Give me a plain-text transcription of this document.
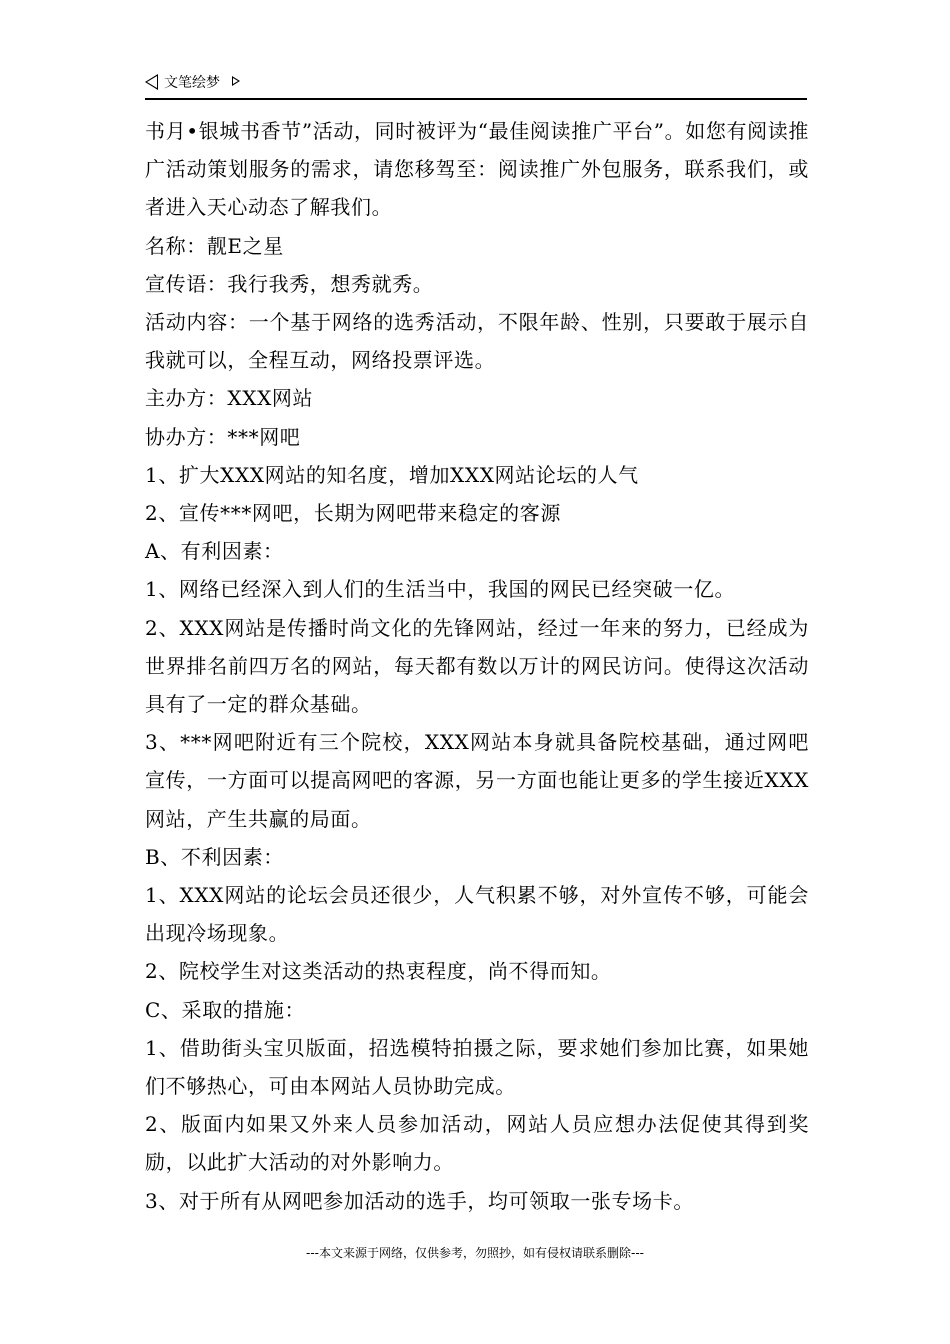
文笔绘梦

书月•银城书香节”活动，同时被评为“最佳阅读推广平台”。如您有阅读推广活动策划服务的需求，请您移驾至：阅读推广外包服务，联系我们，或者进入天心动态了解我们。

名称：靓E之星

宣传语：我行我秀，想秀就秀。

活动内容：一个基于网络的选秀活动，不限年龄、性别，只要敢于展示自我就可以，全程互动，网络投票评选。

主办方：XXX网站

协办方：***网吧

1、扩大XXX网站的知名度，增加XXX网站论坛的人气

2、宣传***网吧，长期为网吧带来稳定的客源

A、有利因素：

1、网络已经深入到人们的生活当中，我国的网民已经突破一亿。

2、XXX网站是传播时尚文化的先锋网站，经过一年来的努力，已经成为世界排名前四万名的网站，每天都有数以万计的网民访问。使得这次活动具有了一定的群众基础。

3、***网吧附近有三个院校，XXX网站本身就具备院校基础，通过网吧宣传，一方面可以提高网吧的客源，另一方面也能让更多的学生接近XXX网站，产生共赢的局面。

B、不利因素：

1、XXX网站的论坛会员还很少，人气积累不够，对外宣传不够，可能会出现冷场现象。

2、院校学生对这类活动的热衷程度，尚不得而知。

C、采取的措施：

1、借助街头宝贝版面，招选模特拍摄之际，要求她们参加比赛，如果她们不够热心，可由本网站人员协助完成。

2、版面内如果又外来人员参加活动，网站人员应想办法促使其得到奖励，以此扩大活动的对外影响力。

3、对于所有从网吧参加活动的选手，均可领取一张专场卡。

---本文来源于网络，仅供参考，勿照抄，如有侵权请联系删除---
